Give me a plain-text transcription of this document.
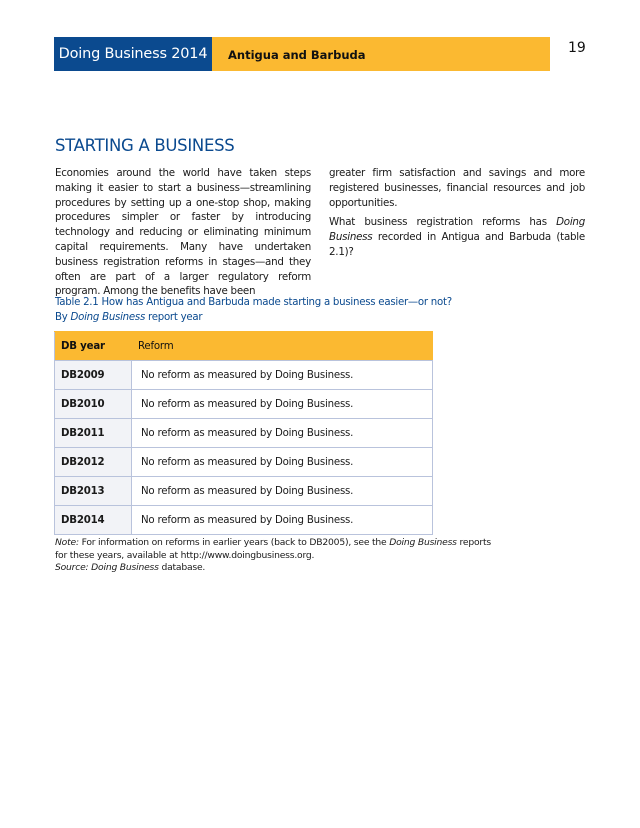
Doing Business 2014	Antigua and Barbuda	19
STARTING A BUSINESS

Economies around the world have taken steps making it easier to start a business—streamlining procedures by setting up a one-stop shop, making procedures simpler or faster by introducing technology and reducing or eliminating minimum capital requirements. Many have undertaken business registration reforms in stages—and they often are part of a larger regulatory reform program. Among the benefits have been

greater firm satisfaction and savings and more registered businesses, financial resources and job opportunities.

What business registration reforms has Doing Business recorded in Antigua and Barbuda (table 2.1)?

Table 2.1 How has Antigua and Barbuda made starting a business easier—or not?
By Doing Business report year
DB year	Reform
DB2009	No reform as measured by Doing Business.
DB2010	No reform as measured by Doing Business.
DB2011	No reform as measured by Doing Business.
DB2012	No reform as measured by Doing Business.
DB2013	No reform as measured by Doing Business.
DB2014	No reform as measured by Doing Business.
Note: For information on reforms in earlier years (back to DB2005), see the Doing Business reports
for these years, available at http://www.doingbusiness.org.
Source: Doing Business database.
